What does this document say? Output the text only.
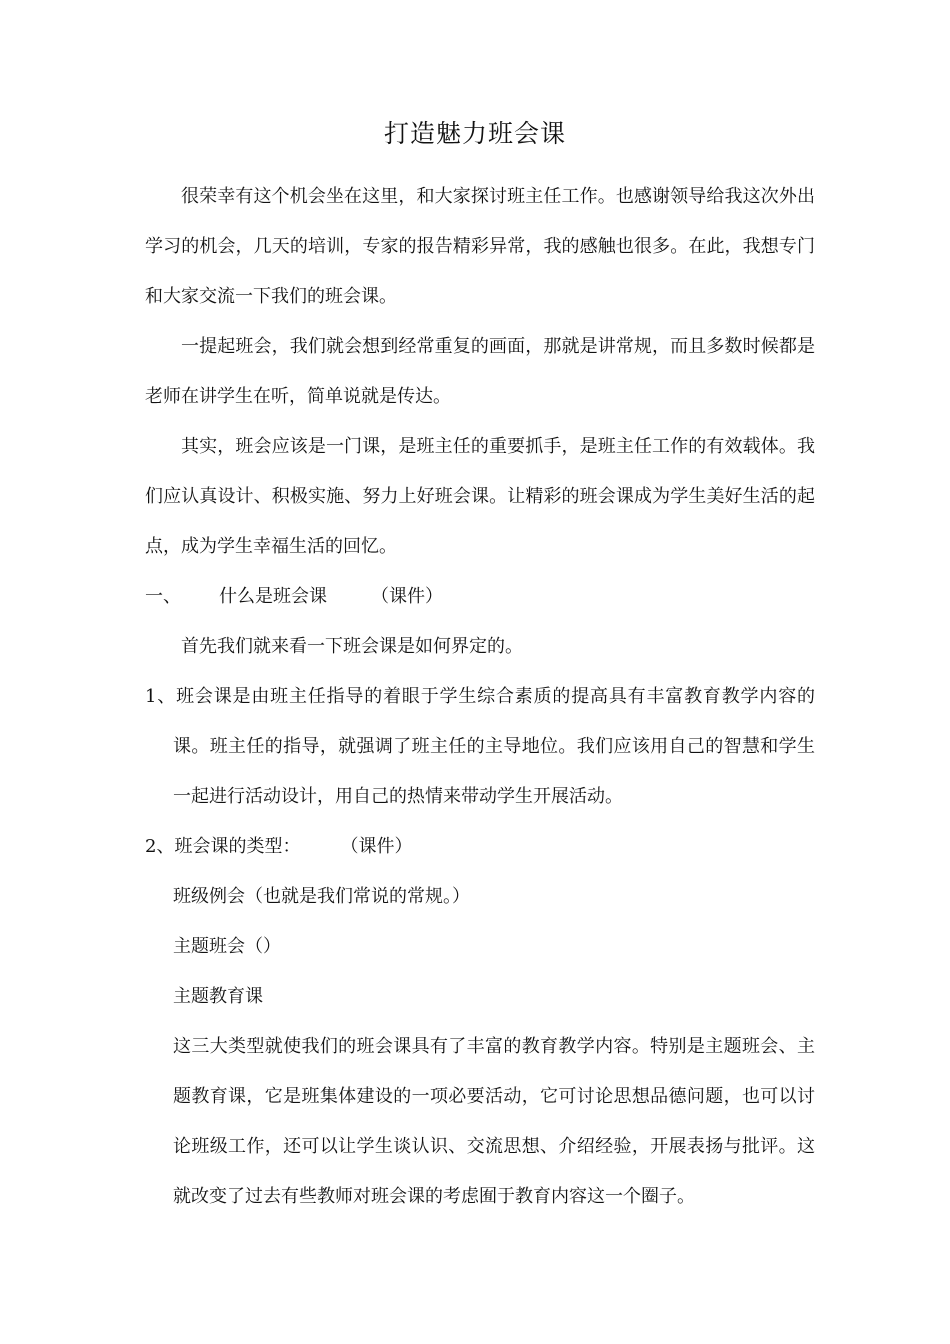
打造魅力班会课

很荣幸有这个机会坐在这里，和大家探讨班主任工作。也感谢领导给我这次外出学习的机会，几天的培训，专家的报告精彩异常，我的感触也很多。在此，我想专门和大家交流一下我们的班会课。

一提起班会，我们就会想到经常重复的画面，那就是讲常规，而且多数时候都是老师在讲学生在听，简单说就是传达。

其实，班会应该是一门课，是班主任的重要抓手，是班主任工作的有效载体。我们应认真设计、积极实施、努力上好班会课。让精彩的班会课成为学生美好生活的起点，成为学生幸福生活的回忆。

一、 什么是班会课 （课件）

首先我们就来看一下班会课是如何界定的。

1、班会课是由班主任指导的着眼于学生综合素质的提高具有丰富教育教学内容的课。班主任的指导，就强调了班主任的主导地位。我们应该用自己的智慧和学生一起进行活动设计，用自己的热情来带动学生开展活动。

2、班会课的类型： （课件）

班级例会（也就是我们常说的常规。）

主题班会（）

主题教育课

这三大类型就使我们的班会课具有了丰富的教育教学内容。特别是主题班会、主题教育课，它是班集体建设的一项必要活动，它可讨论思想品德问题，也可以讨论班级工作，还可以让学生谈认识、交流思想、介绍经验，开展表扬与批评。这就改变了过去有些教师对班会课的考虑囿于教育内容这一个圈子。
